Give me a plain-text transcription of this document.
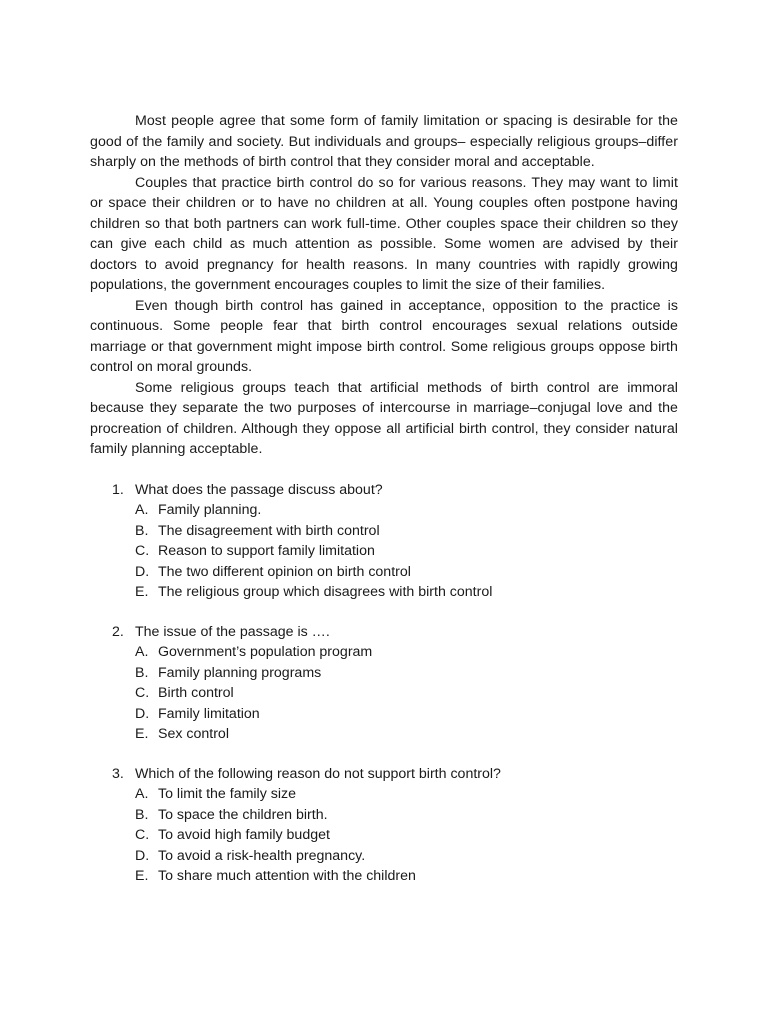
Most people agree that some form of family limitation or spacing is desirable for the good of the family and society. But individuals and groups– especially religious groups–differ sharply on the methods of birth control that they consider moral and acceptable.

Couples that practice birth control do so for various reasons. They may want to limit or space their children or to have no children at all. Young couples often postpone having children so that both partners can work full-time. Other couples space their children so they can give each child as much attention as possible. Some women are advised by their doctors to avoid pregnancy for health reasons. In many countries with rapidly growing populations, the government encourages couples to limit the size of their families.

Even though birth control has gained in acceptance, opposition to the practice is continuous. Some people fear that birth control encourages sexual relations outside marriage or that government might impose birth control. Some religious groups oppose birth control on moral grounds.

Some religious groups teach that artificial methods of birth control are immoral because they separate the two purposes of intercourse in marriage–conjugal love and the procreation of children. Although they oppose all artificial birth control, they consider natural family planning acceptable.

1. What does the passage discuss about?
A. Family planning.
B. The disagreement with birth control
C. Reason to support family limitation
D. The two different opinion on birth control
E. The religious group which disagrees with birth control
2. The issue of the passage is ….
A. Government’s population program
B. Family planning programs
C. Birth control
D. Family limitation
E. Sex control
3. Which of the following reason do not support birth control?
A. To limit the family size
B. To space the children birth.
C. To avoid high family budget
D. To avoid a risk-health pregnancy.
E. To share much attention with the children
